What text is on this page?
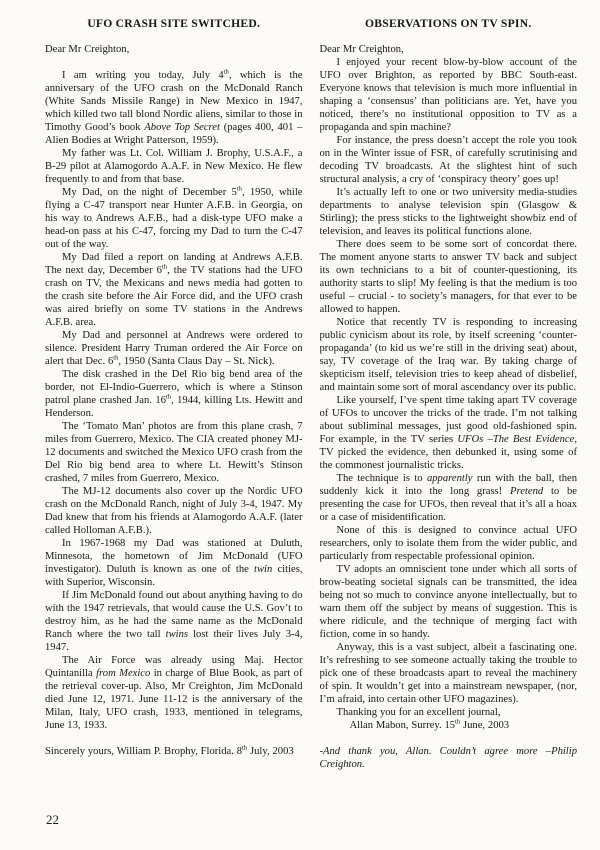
UFO CRASH SITE SWITCHED.

Dear Mr Creighton,

I am writing you today, July 4th, which is the anniversary of the UFO crash on the McDonald Ranch (White Sands Missile Range) in New Mexico in 1947, which killed two tall blond Nordic aliens, similar to those in Timothy Good’s book Above Top Secret (pages 400, 401 – Alien Bodies at Wright Patterson, 1959).

My father was Lt. Col. William J. Brophy, U.S.A.F., a B-29 pilot at Alamogordo A.A.F. in New Mexico. He flew frequently to and from that base.

My Dad, on the night of December 5th, 1950, while flying a C-47 transport near Hunter A.F.B. in Georgia, on his way to Andrews A.F.B., had a disk-type UFO make a head-on pass at his C-47, forcing my Dad to turn the C-47 out of the way.

My Dad filed a report on landing at Andrews A.F.B. The next day, December 6th, the TV stations had the UFO crash on TV, the Mexicans and news media had gotten to the crash site before the Air Force did, and the UFO crash was aired briefly on some TV stations in the Andrews A.F.B. area.

My Dad and personnel at Andrews were ordered to silence. President Harry Truman ordered the Air Force on alert that Dec. 6th, 1950 (Santa Claus Day – St. Nick).

The disk crashed in the Del Rio big bend area of the border, not El-Indio-Guerrero, which is where a Stinson patrol plane crashed Jan. 16th, 1944, killing Lts. Hewitt and Henderson.

The ‘Tomato Man’ photos are from this plane crash, 7 miles from Guerrero, Mexico. The CIA created phoney MJ-12 documents and switched the Mexico UFO crash from the Del Rio big bend area to where Lt. Hewitt’s Stinson crashed, 7 miles from Guerrero, Mexico.

The MJ-12 documents also cover up the Nordic UFO crash on the McDonald Ranch, night of July 3-4, 1947. My Dad knew that from his friends at Alamogordo A.A.F. (later called Holloman A.F.B.).

In 1967-1968 my Dad was stationed at Duluth, Minnesota, the hometown of Jim McDonald (UFO investigator). Duluth is known as one of the twin cities, with Superior, Wisconsin.

If Jim McDonald found out about anything having to do with the 1947 retrievals, that would cause the U.S. Gov’t to destroy him, as he had the same name as the McDonald Ranch where the two tall twins lost their lives July 3-4, 1947.

The Air Force was already using Maj. Hector Quintanilla from Mexico in charge of Blue Book, as part of the retrieval cover-up. Also, Mr Creighton, Jim McDonald died June 12, 1971. June 11-12 is the anniversary of the Milan, Italy, UFO crash, 1933, mentioned in telegrams, June 13, 1933.

Sincerely yours, William P. Brophy, Florida. 8th July, 2003

OBSERVATIONS ON TV SPIN.

Dear Mr Creighton,

I enjoyed your recent blow-by-blow account of the UFO over Brighton, as reported by BBC South-east. Everyone knows that television is much more influential in shaping a ‘consensus’ than politicians are. Yet, have you noticed, there’s no institutional opposition to TV as a propaganda and spin machine?

For instance, the press doesn’t accept the role you took on in the Winter issue of FSR, of carefully scrutinising and decoding TV broadcasts. At the slightest hint of such structural analysis, a cry of ‘conspiracy theory’ goes up!

It’s actually left to one or two university media-studies departments to analyse television spin (Glasgow & Stirling); the press sticks to the lightweight showbiz end of television, and leaves its political functions alone.

There does seem to be some sort of concordat there. The moment anyone starts to answer TV back and subject its own technicians to a bit of counter-questioning, its authority starts to slip! My feeling is that the medium is too useful – crucial - to society’s managers, for that ever to be allowed to happen.

Notice that recently TV is responding to increasing public cynicism about its role, by itself screening ‘counter-propaganda’ (to kid us we’re still in the driving seat) about, say, TV coverage of the Iraq war. By taking charge of skepticism itself, television tries to keep ahead of disbelief, and maintain some sort of moral ascendancy over its public.

Like yourself, I’ve spent time taking apart TV coverage of UFOs to uncover the tricks of the trade. I’m not talking about subliminal messages, just good old-fashioned spin. For example, in the TV series UFOs –The Best Evidence, TV picked the evidence, then debunked it, using some of the commonest journalistic tricks.

The technique is to apparently run with the ball, then suddenly kick it into the long grass! Pretend to be presenting the case for UFOs, then reveal that it’s all a hoax or a case of misidentification.

None of this is designed to convince actual UFO researchers, only to isolate them from the wider public, and particularly from respectable professional opinion.

TV adopts an omniscient tone under which all sorts of brow-beating societal signals can be transmitted, the idea being not so much to convince anyone intellectually, but to warn them off the subject by means of suggestion. This is where ridicule, and the technique of merging fact with fiction, come in so handy.

Anyway, this is a vast subject, albeit a fascinating one. It’s refreshing to see someone actually taking the trouble to pick one of these broadcasts apart to reveal the machinery of spin. It wouldn’t get into a mainstream newspaper, (nor, I’m afraid, into certain other UFO magazines).

Thanking you for an excellent journal,

Allan Mabon, Surrey. 15th June, 2003

-And thank you, Allan. Couldn’t agree more –Philip Creighton.

22
